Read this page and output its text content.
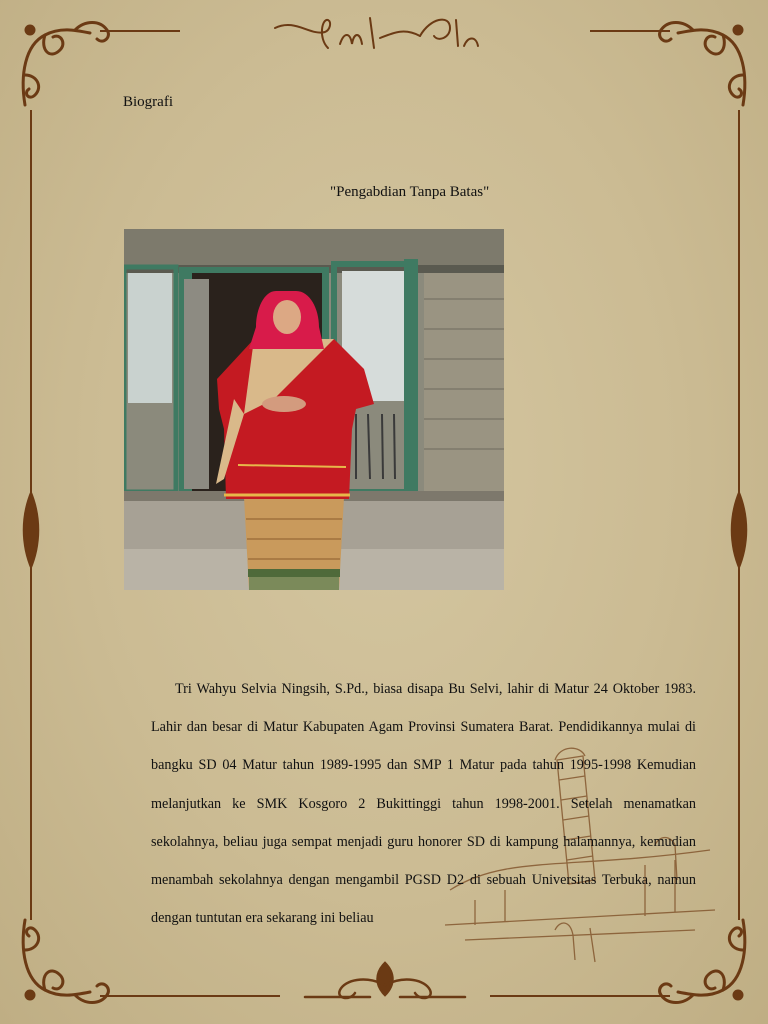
Biografi
"Pengabdian Tanpa Batas"

Tri Wahyu Selvia Ningsih, S.Pd., biasa disapa Bu Selvi, lahir di Matur 24 Oktober 1983. Lahir dan besar di Matur Kabupaten Agam Provinsi Sumatera Barat. Pendidikannya mulai di bangku SD 04 Matur tahun 1989-1995 dan SMP 1 Matur pada tahun 1995-1998 Kemudian melanjutkan ke SMK Kosgoro 2 Bukittinggi tahun 1998-2001. Setelah menamatkan sekolahnya, beliau juga sempat menjadi guru honorer SD di kampung halamannya, kemudian menambah sekolahnya dengan mengambil PGSD D2 di sebuah Universitas Terbuka, namun dengan tuntutan era sekarang ini beliau
